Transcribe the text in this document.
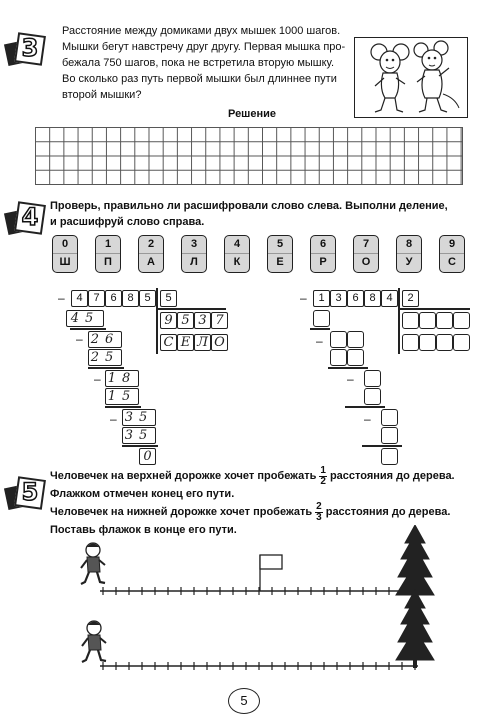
3
Расстояние между домиками двух мышек 1000 шагов.
Мышки бегут навстречу друг другу. Первая мышка про-
бежала 750 шагов, пока не встретила вторую мышку.
Во сколько раз путь первой мышки был длиннее пути
второй мышки?
Решение
4	Проверь, правильно ли расшифровали слово слева. Выполни деление,
и расшифруй слово справа.
0
Ш
1
П
2
А
3
Л
4
К
5
Е
6
Р
7
О
8
У
9
С
–	4 7 6 8 5	5
9 5 3 7
С Е Л О
45
– 26
25
– 18
15
– 35
35
0
–	1 3 6 8 4	2
–
–
–
5
Человечек на верхней дорожке хочет пробежать $\frac{1}{2}$ расстояния до дерева.
Флажком отмечен конец его пути.
Человечек на нижней дорожке хочет пробежать $\frac{2}{3}$ расстояния до дерева.
Поставь флажок в конце его пути.
5
